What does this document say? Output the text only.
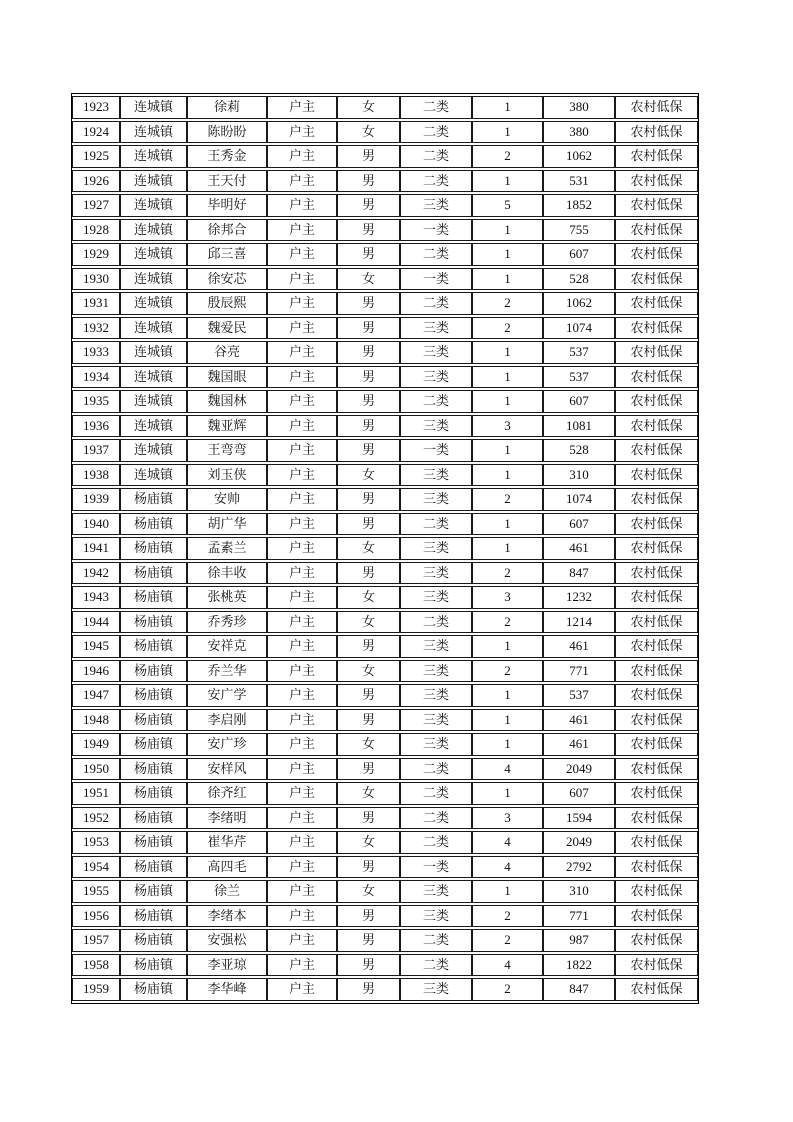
1923	连城镇	徐莉	户主	女	二类	1	380	农村低保
1924	连城镇	陈盼盼	户主	女	二类	1	380	农村低保
1925	连城镇	王秀金	户主	男	二类	2	1062	农村低保
1926	连城镇	王天付	户主	男	二类	1	531	农村低保
1927	连城镇	毕明好	户主	男	三类	5	1852	农村低保
1928	连城镇	徐邦合	户主	男	一类	1	755	农村低保
1929	连城镇	邱三喜	户主	男	二类	1	607	农村低保
1930	连城镇	徐安芯	户主	女	一类	1	528	农村低保
1931	连城镇	殷辰熙	户主	男	二类	2	1062	农村低保
1932	连城镇	魏爱民	户主	男	三类	2	1074	农村低保
1933	连城镇	谷亮	户主	男	三类	1	537	农村低保
1934	连城镇	魏国眼	户主	男	三类	1	537	农村低保
1935	连城镇	魏国林	户主	男	二类	1	607	农村低保
1936	连城镇	魏亚辉	户主	男	三类	3	1081	农村低保
1937	连城镇	王弯弯	户主	男	一类	1	528	农村低保
1938	连城镇	刘玉侠	户主	女	三类	1	310	农村低保
1939	杨庙镇	安帅	户主	男	三类	2	1074	农村低保
1940	杨庙镇	胡广华	户主	男	二类	1	607	农村低保
1941	杨庙镇	孟素兰	户主	女	三类	1	461	农村低保
1942	杨庙镇	徐丰收	户主	男	三类	2	847	农村低保
1943	杨庙镇	张桃英	户主	女	三类	3	1232	农村低保
1944	杨庙镇	乔秀珍	户主	女	二类	2	1214	农村低保
1945	杨庙镇	安祥克	户主	男	三类	1	461	农村低保
1946	杨庙镇	乔兰华	户主	女	三类	2	771	农村低保
1947	杨庙镇	安广学	户主	男	三类	1	537	农村低保
1948	杨庙镇	李启刚	户主	男	三类	1	461	农村低保
1949	杨庙镇	安广珍	户主	女	三类	1	461	农村低保
1950	杨庙镇	安样风	户主	男	二类	4	2049	农村低保
1951	杨庙镇	徐齐红	户主	女	二类	1	607	农村低保
1952	杨庙镇	李绪明	户主	男	二类	3	1594	农村低保
1953	杨庙镇	崔华芹	户主	女	二类	4	2049	农村低保
1954	杨庙镇	高四毛	户主	男	一类	4	2792	农村低保
1955	杨庙镇	徐兰	户主	女	三类	1	310	农村低保
1956	杨庙镇	李绪本	户主	男	三类	2	771	农村低保
1957	杨庙镇	安强松	户主	男	二类	2	987	农村低保
1958	杨庙镇	李亚琼	户主	男	二类	4	1822	农村低保
1959	杨庙镇	李华峰	户主	男	三类	2	847	农村低保
